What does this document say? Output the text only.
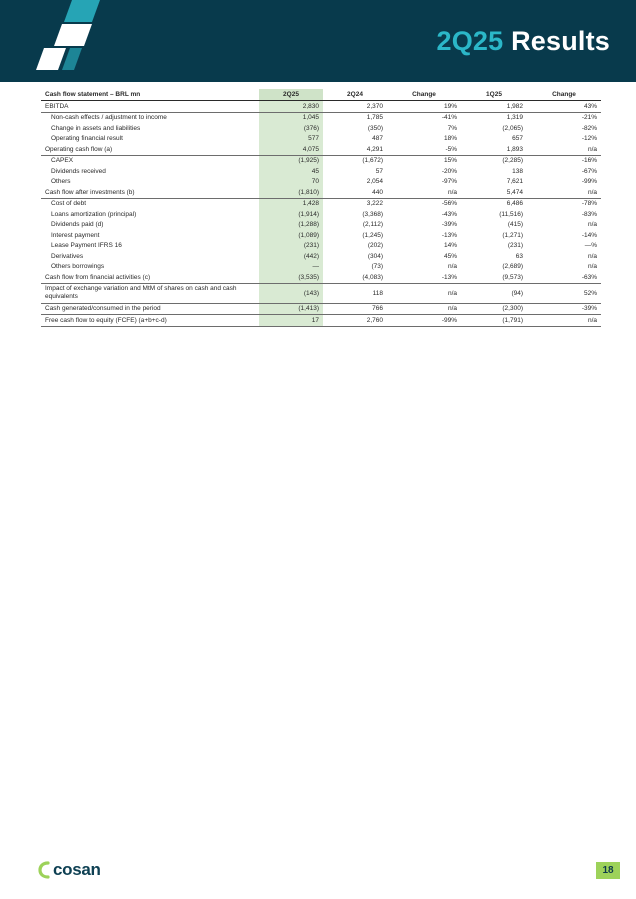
2Q25 Results
Cash flow statement – BRL mn	2Q25	2Q24	Change	1Q25	Change
EBITDA	2,830	2,370	19%	1,982	43%
Non-cash effects / adjustment to income	1,045	1,785	-41%	1,319	-21%
Change in assets and liabilities	(376)	(350)	7%	(2,065)	-82%
Operating financial result	577	487	18%	657	-12%
Operating cash flow (a)	4,075	4,291	-5%	1,893	n/a
CAPEX	(1,925)	(1,672)	15%	(2,285)	-16%
Dividends received	45	57	-20%	138	-67%
Others	70	2,054	-97%	7,621	-99%
Cash flow after investments (b)	(1,810)	440	n/a	5,474	n/a
Cost of debt	1,428	3,222	-56%	6,486	-78%
Loans amortization (principal)	(1,914)	(3,368)	-43%	(11,516)	-83%
Dividends paid (d)	(1,288)	(2,112)	-39%	(415)	n/a
Interest payment	(1,089)	(1,245)	-13%	(1,271)	-14%
Lease Payment IFRS 16	(231)	(202)	14%	(231)	—%
Derivatives	(442)	(304)	45%	63	n/a
Others borrowings	—	(73)	n/a	(2,689)	n/a
Cash flow from financial activities (c)	(3,535)	(4,083)	-13%	(9,573)	-63%
Impact of exchange variation and MtM of shares on cash and cash equivalents	(143)	118	n/a	(94)	52%
Cash generated/consumed in the period	(1,413)	766	n/a	(2,300)	-39%
Free cash flow to equity (FCFE) (a+b+c-d)	17	2,760	-99%	(1,791)	n/a
cosan	18
